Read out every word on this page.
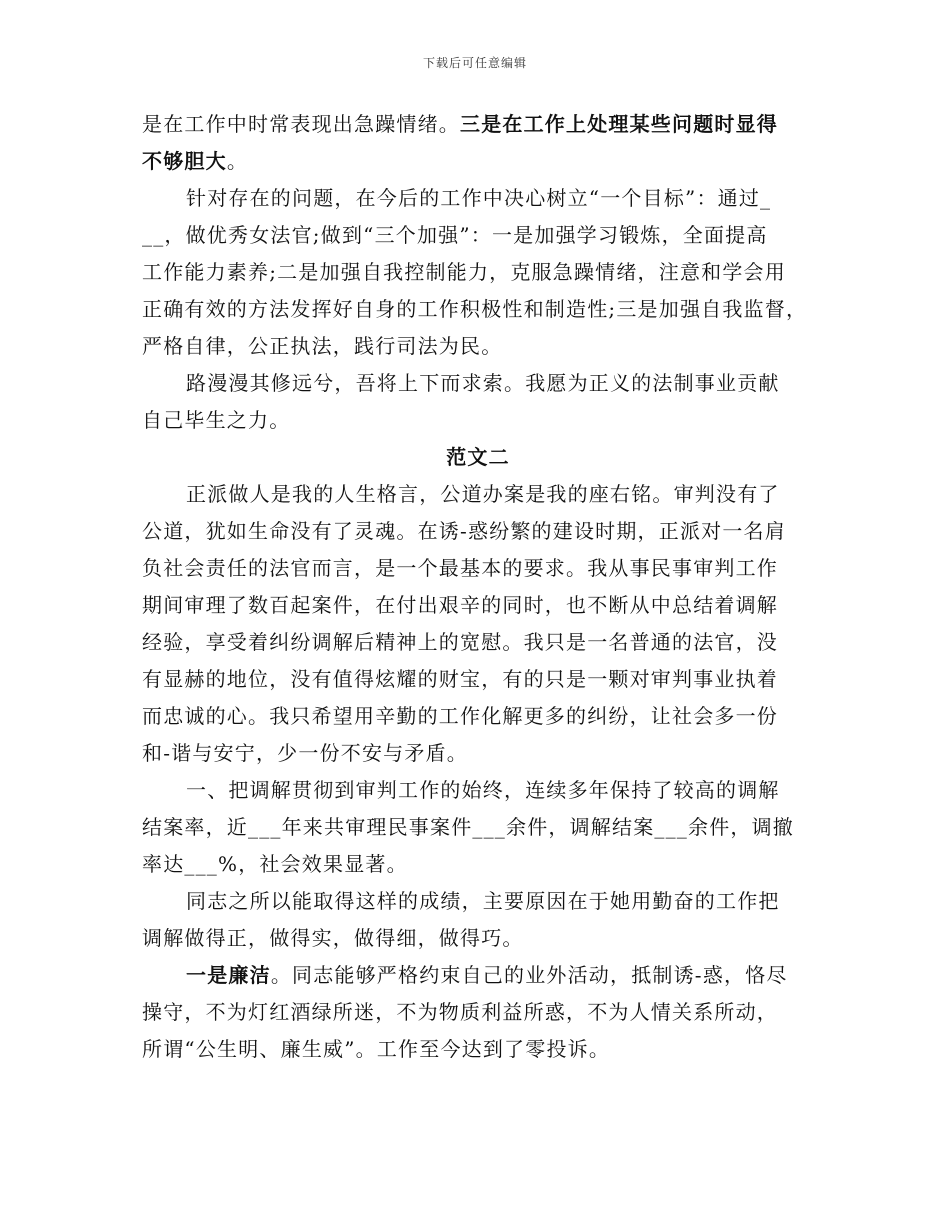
下载后可任意编辑
是在工作中时常表现出急躁情绪。三是在工作上处理某些问题时显得
不够胆大。
针对存在的问题，在今后的工作中决心树立“一个目标”：通过_
__，做优秀女法官;做到“三个加强”：一是加强学习锻炼，全面提高
工作能力素养;二是加强自我控制能力，克服急躁情绪，注意和学会用
正确有效的方法发挥好自身的工作积极性和制造性;三是加强自我监督，
严格自律，公正执法，践行司法为民。
路漫漫其修远兮，吾将上下而求索。我愿为正义的法制事业贡献
自己毕生之力。
范文二
正派做人是我的人生格言，公道办案是我的座右铭。审判没有了
公道，犹如生命没有了灵魂。在诱-惑纷繁的建设时期，正派对一名肩
负社会责任的法官而言，是一个最基本的要求。我从事民事审判工作
期间审理了数百起案件，在付出艰辛的同时，也不断从中总结着调解
经验，享受着纠纷调解后精神上的宽慰。我只是一名普通的法官，没
有显赫的地位，没有值得炫耀的财宝，有的只是一颗对审判事业执着
而忠诚的心。我只希望用辛勤的工作化解更多的纠纷，让社会多一份
和-谐与安宁，少一份不安与矛盾。
一、把调解贯彻到审判工作的始终，连续多年保持了较高的调解
结案率，近___年来共审理民事案件___余件，调解结案___余件，调撤
率达___%，社会效果显著。
同志之所以能取得这样的成绩，主要原因在于她用勤奋的工作把
调解做得正，做得实，做得细，做得巧。
一是廉洁。同志能够严格约束自己的业外活动，抵制诱-惑，恪尽
操守，不为灯红酒绿所迷，不为物质利益所惑，不为人情关系所动，
所谓“公生明、廉生威”。工作至今达到了零投诉。
